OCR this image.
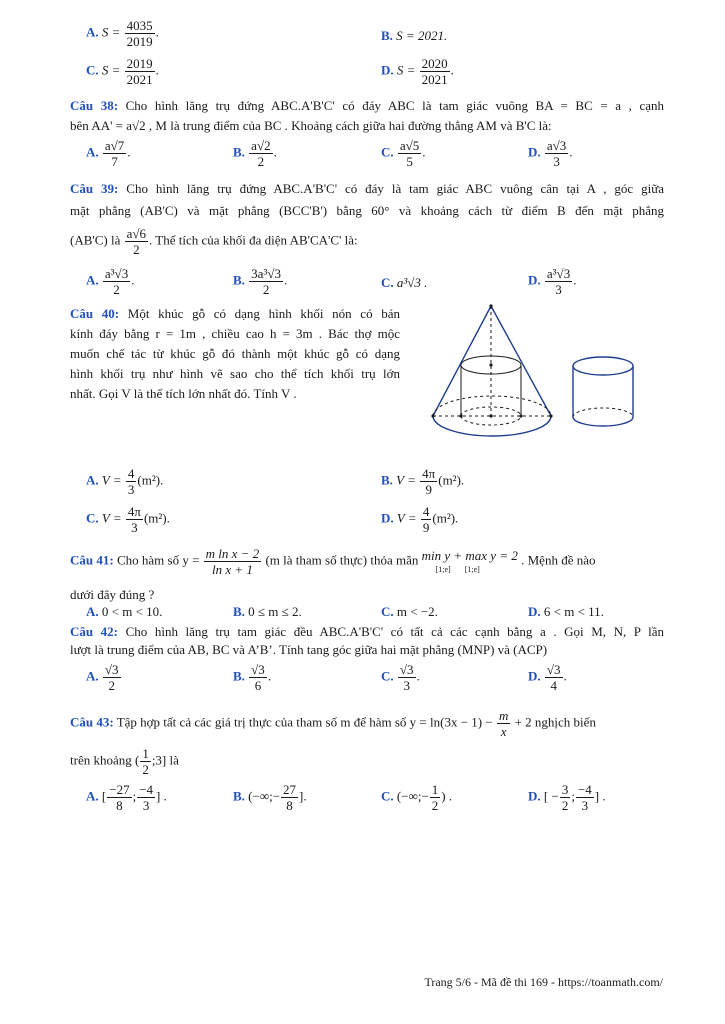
A. $S = \frac{4035}{2019}$ .	B. S = 2021.
C. $S = \frac{2019}{2021}$ .	D. $S = \frac{2020}{2021}$ .
Câu 38: Cho hình lăng trụ đứng ABC.A'B'C' có đáy ABC là tam giác vuông BA = BC = a , cạnh
bên AA' = a√2 , M là trung điểm của BC . Khoảng cách giữa hai đường thẳng AM và B'C là:
A. $\frac{a√7}{7}$ .	B. $\frac{a√2}{2}$ .	C. $\frac{a√5}{5}$ .	D. $\frac{a√3}{3}$ .
Câu 39: Cho hình lăng trụ đứng ABC.A'B'C' có đáy là tam giác ABC vuông cân tại A , góc giữa
mặt phẳng (AB'C) và mặt phẳng (BCC'B') bằng 60° và khoảng cách từ điểm B đến mặt phẳng
(AB'C) là $\frac{a√6}{2}$ . Thể tích của khối đa diện AB'CA'C' là:
A. $\frac{\text{a³√3}}{2}$ .	B. $\frac{\text{3a³√3}}{2}$ .	C. a³√3 .	D. $\frac{\text{a³√3}}{3}$ .
Câu 40: Một khúc gỗ có dạng hình khối nón có bán
kính đáy bằng r = 1m , chiều cao h = 3m . Bác thợ mộc
muốn chế tác từ khúc gỗ đó thành một khúc gỗ có dạng
hình khối trụ như hình vẽ sao cho thể tích khối trụ lớn
nhất. Gọi V là thể tích lớn nhất đó. Tính V .
A. $V = \frac{4}{3} (m^2)$.	B. $V = \frac{4\pi}{9} (m^2)$.
C. $V = \frac{4\pi}{3} (m^2)$.	D. $V = \frac{4}{9} (m^2)$.
Câu 41: Cho hàm số $y = \frac{\text{m ln x − 2}}{\text{ln x + 1}} (m$ là tham số thực) thỏa mãn min y + max y = 2
[1;e] [1;e]
. Mệnh đề nào
dưới đây đúng ?
A. 0 < m < 10.	B. 0 ≤ m ≤ 2.	C. m < −2.	D. 6 < m < 11.
Câu 42: Cho hình lăng trụ tam giác đều ABC.A'B'C' có tất cả các cạnh bằng a . Gọi M, N, P lần
lượt là trung điểm của AB, BC và A’B’. Tính tang góc giữa hai mặt phẳng (MNP) và (ACP)
A. $\frac{√3}{2}$	B. $\frac{√3}{6}$ .	C. $\frac{√3}{3}$ .	D. $\frac{√3}{4}$ .
Câu 43: Tập hợp tất cả các giá trị thực của tham số m để hàm số $y = \ln(3x - 1) - \frac{m}{x} + 2$ nghịch biến
trên khoảng ( $\frac{1}{2}$ ;3] là
A. [ $\frac{-27}{8}$ ; $\frac{-4}{3}$ ] .	B. (−∞;− $\frac{27}{8}$ ].	C. (−∞;− $\frac{1}{2}$ ) .	D. [ − $\frac{3}{2}$ ; $\frac{-4}{3}$ ] .
Trang 5/6 - Mã đề thi 169 - https://toanmath.com/
